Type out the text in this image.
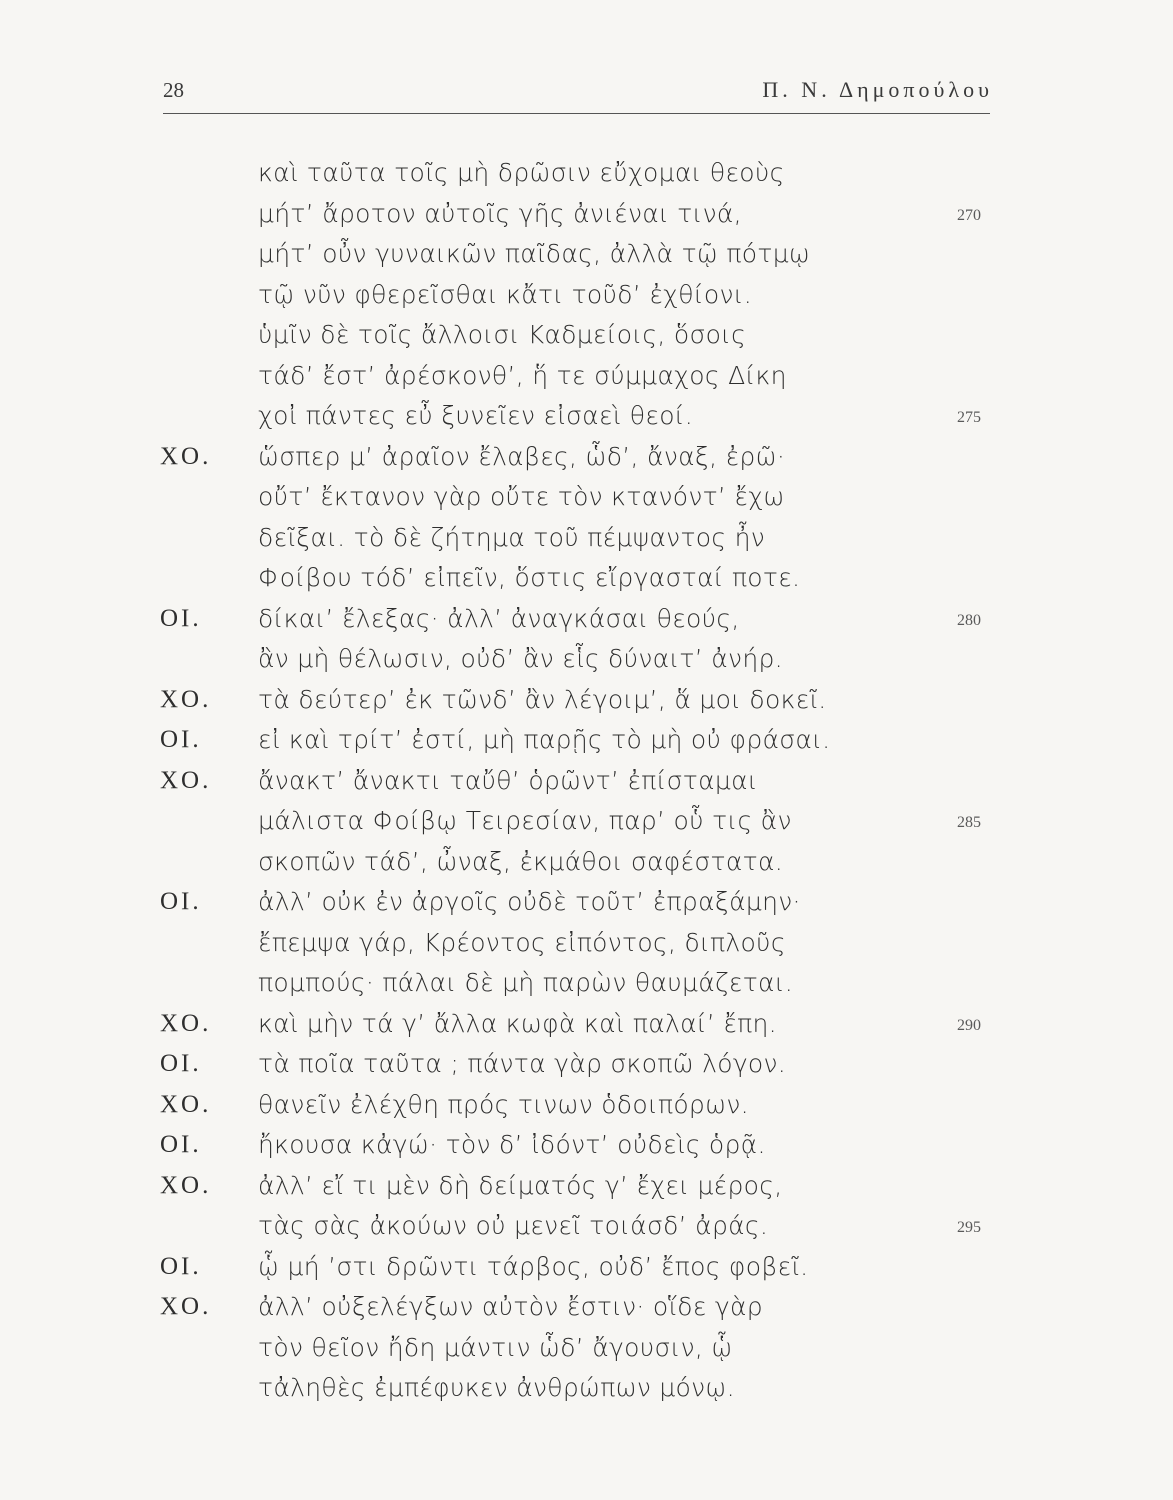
28	Π. Ν. Δημοπούλου
καὶ ταῦτα τοῖς μὴ δρῶσιν εὔχομαι θεοὺς
μήτ’ ἄροτον αὐτοῖς γῆς ἀνιέναι τινά,	270
μήτ’ οὖν γυναικῶν παῖδας, ἀλλὰ τῷ πότμῳ
τῷ νῦν φθερεῖσθαι κἄτι τοῦδ’ ἐχθίονι.
ὑμῖν δὲ τοῖς ἄλλοισι Καδμείοις, ὅσοις
τάδ’ ἔστ’ ἀρέσκονθ’, ἥ τε σύμμαχος Δίκη
χοἰ πάντες εὖ ξυνεῖεν εἰσαεὶ θεοί.	275
ΧΟ. ὥσπερ μ’ ἀραῖον ἔλαβες, ὧδ’, ἄναξ, ἐρῶ·
οὔτ’ ἔκτανον γὰρ οὔτε τὸν κτανόντ’ ἔχω
δεῖξαι. τὸ δὲ ζήτημα τοῦ πέμψαντος ἦν
Φοίβου τόδ’ εἰπεῖν, ὅστις εἴργασταί ποτε.
ΟΙ. δίκαι’ ἔλεξας· ἀλλ’ ἀναγκάσαι θεούς,	280
ἂν μὴ θέλωσιν, οὐδ’ ἂν εἷς δύναιτ’ ἀνήρ.
ΧΟ. τὰ δεύτερ’ ἐκ τῶνδ’ ἂν λέγοιμ’, ἅ μοι δοκεῖ.
ΟΙ. εἰ καὶ τρίτ’ ἐστί, μὴ παρῇς τὸ μὴ οὐ φράσαι.
ΧΟ. ἄνακτ’ ἄνακτι ταὔθ’ ὁρῶντ’ ἐπίσταμαι
μάλιστα Φοίβῳ Τειρεσίαν, παρ’ οὗ τις ἂν	285
σκοπῶν τάδ’, ὦναξ, ἐκμάθοι σαφέστατα.
ΟΙ. ἀλλ’ οὐκ ἐν ἀργοῖς οὐδὲ τοῦτ’ ἐπραξάμην·
ἔπεμψα γάρ, Κρέοντος εἰπόντος, διπλοῦς
πομπούς· πάλαι δὲ μὴ παρὼν θαυμάζεται.
ΧΟ. καὶ μὴν τά γ’ ἄλλα κωφὰ καὶ παλαί’ ἔπη.	290
ΟΙ. τὰ ποῖα ταῦτα ; πάντα γὰρ σκοπῶ λόγον.
ΧΟ. θανεῖν ἐλέχθη πρός τινων ὁδοιπόρων.
ΟΙ. ἤκουσα κἀγώ· τὸν δ’ ἰδόντ’ οὐδεὶς ὁρᾷ.
ΧΟ. ἀλλ’ εἴ τι μὲν δὴ δείματός γ’ ἔχει μέρος,
τὰς σὰς ἀκούων οὐ μενεῖ τοιάσδ’ ἀράς.	295
ΟΙ. ᾧ μή ’στι δρῶντι τάρβος, οὐδ’ ἔπος φοβεῖ.
ΧΟ. ἀλλ’ οὐξελέγξων αὐτὸν ἔστιν· οἵδε γὰρ
τὸν θεῖον ἤδη μάντιν ὧδ’ ἄγουσιν, ᾧ
τἀληθὲς ἐμπέφυκεν ἀνθρώπων μόνῳ.
